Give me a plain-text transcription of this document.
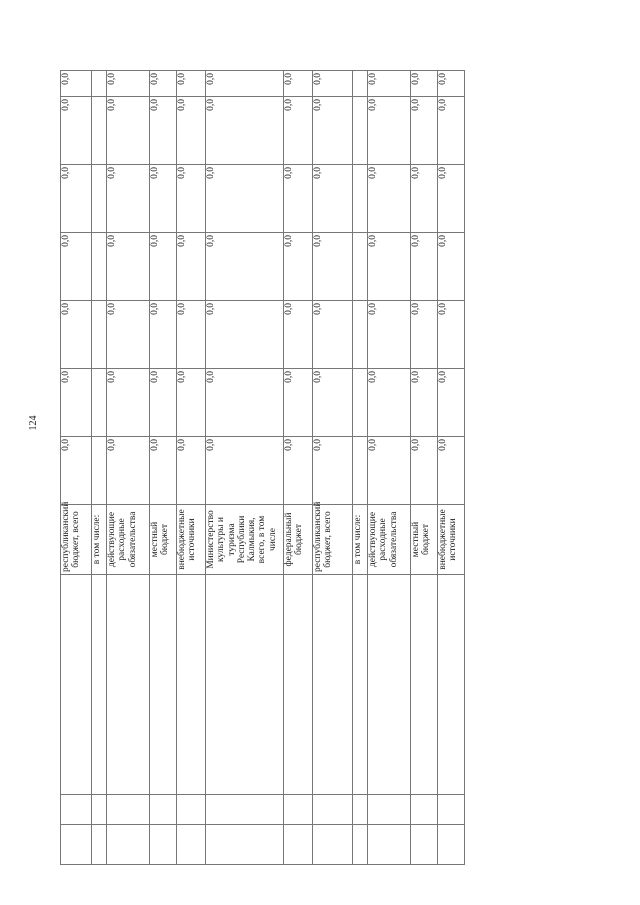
124
			республиканский бюджет, всего	0,0	0,0	0,0	0,0	0,0	0,0	0,0
			в том числе:							
			действующие расходные обязательства	0,0	0,0	0,0	0,0	0,0	0,0	0,0
			местный бюджет	0,0	0,0	0,0	0,0	0,0	0,0	0,0
			внебюджетные источники	0,0	0,0	0,0	0,0	0,0	0,0	0,0
			Министерство культуры и туризма Республики Калмыкия, всего, в том числе	0,0	0,0	0,0	0,0	0,0	0,0	0,0
			федеральный бюджет	0,0	0,0	0,0	0,0	0,0	0,0	0,0
			республиканский бюджет, всего	0,0	0,0	0,0	0,0	0,0	0,0	0,0
			в том числе:							
			действующие расходные обязательства	0,0	0,0	0,0	0,0	0,0	0,0	0,0
			местный бюджет	0,0	0,0	0,0	0,0	0,0	0,0	0,0
			внебюджетные источники	0,0	0,0	0,0	0,0	0,0	0,0	0,0
